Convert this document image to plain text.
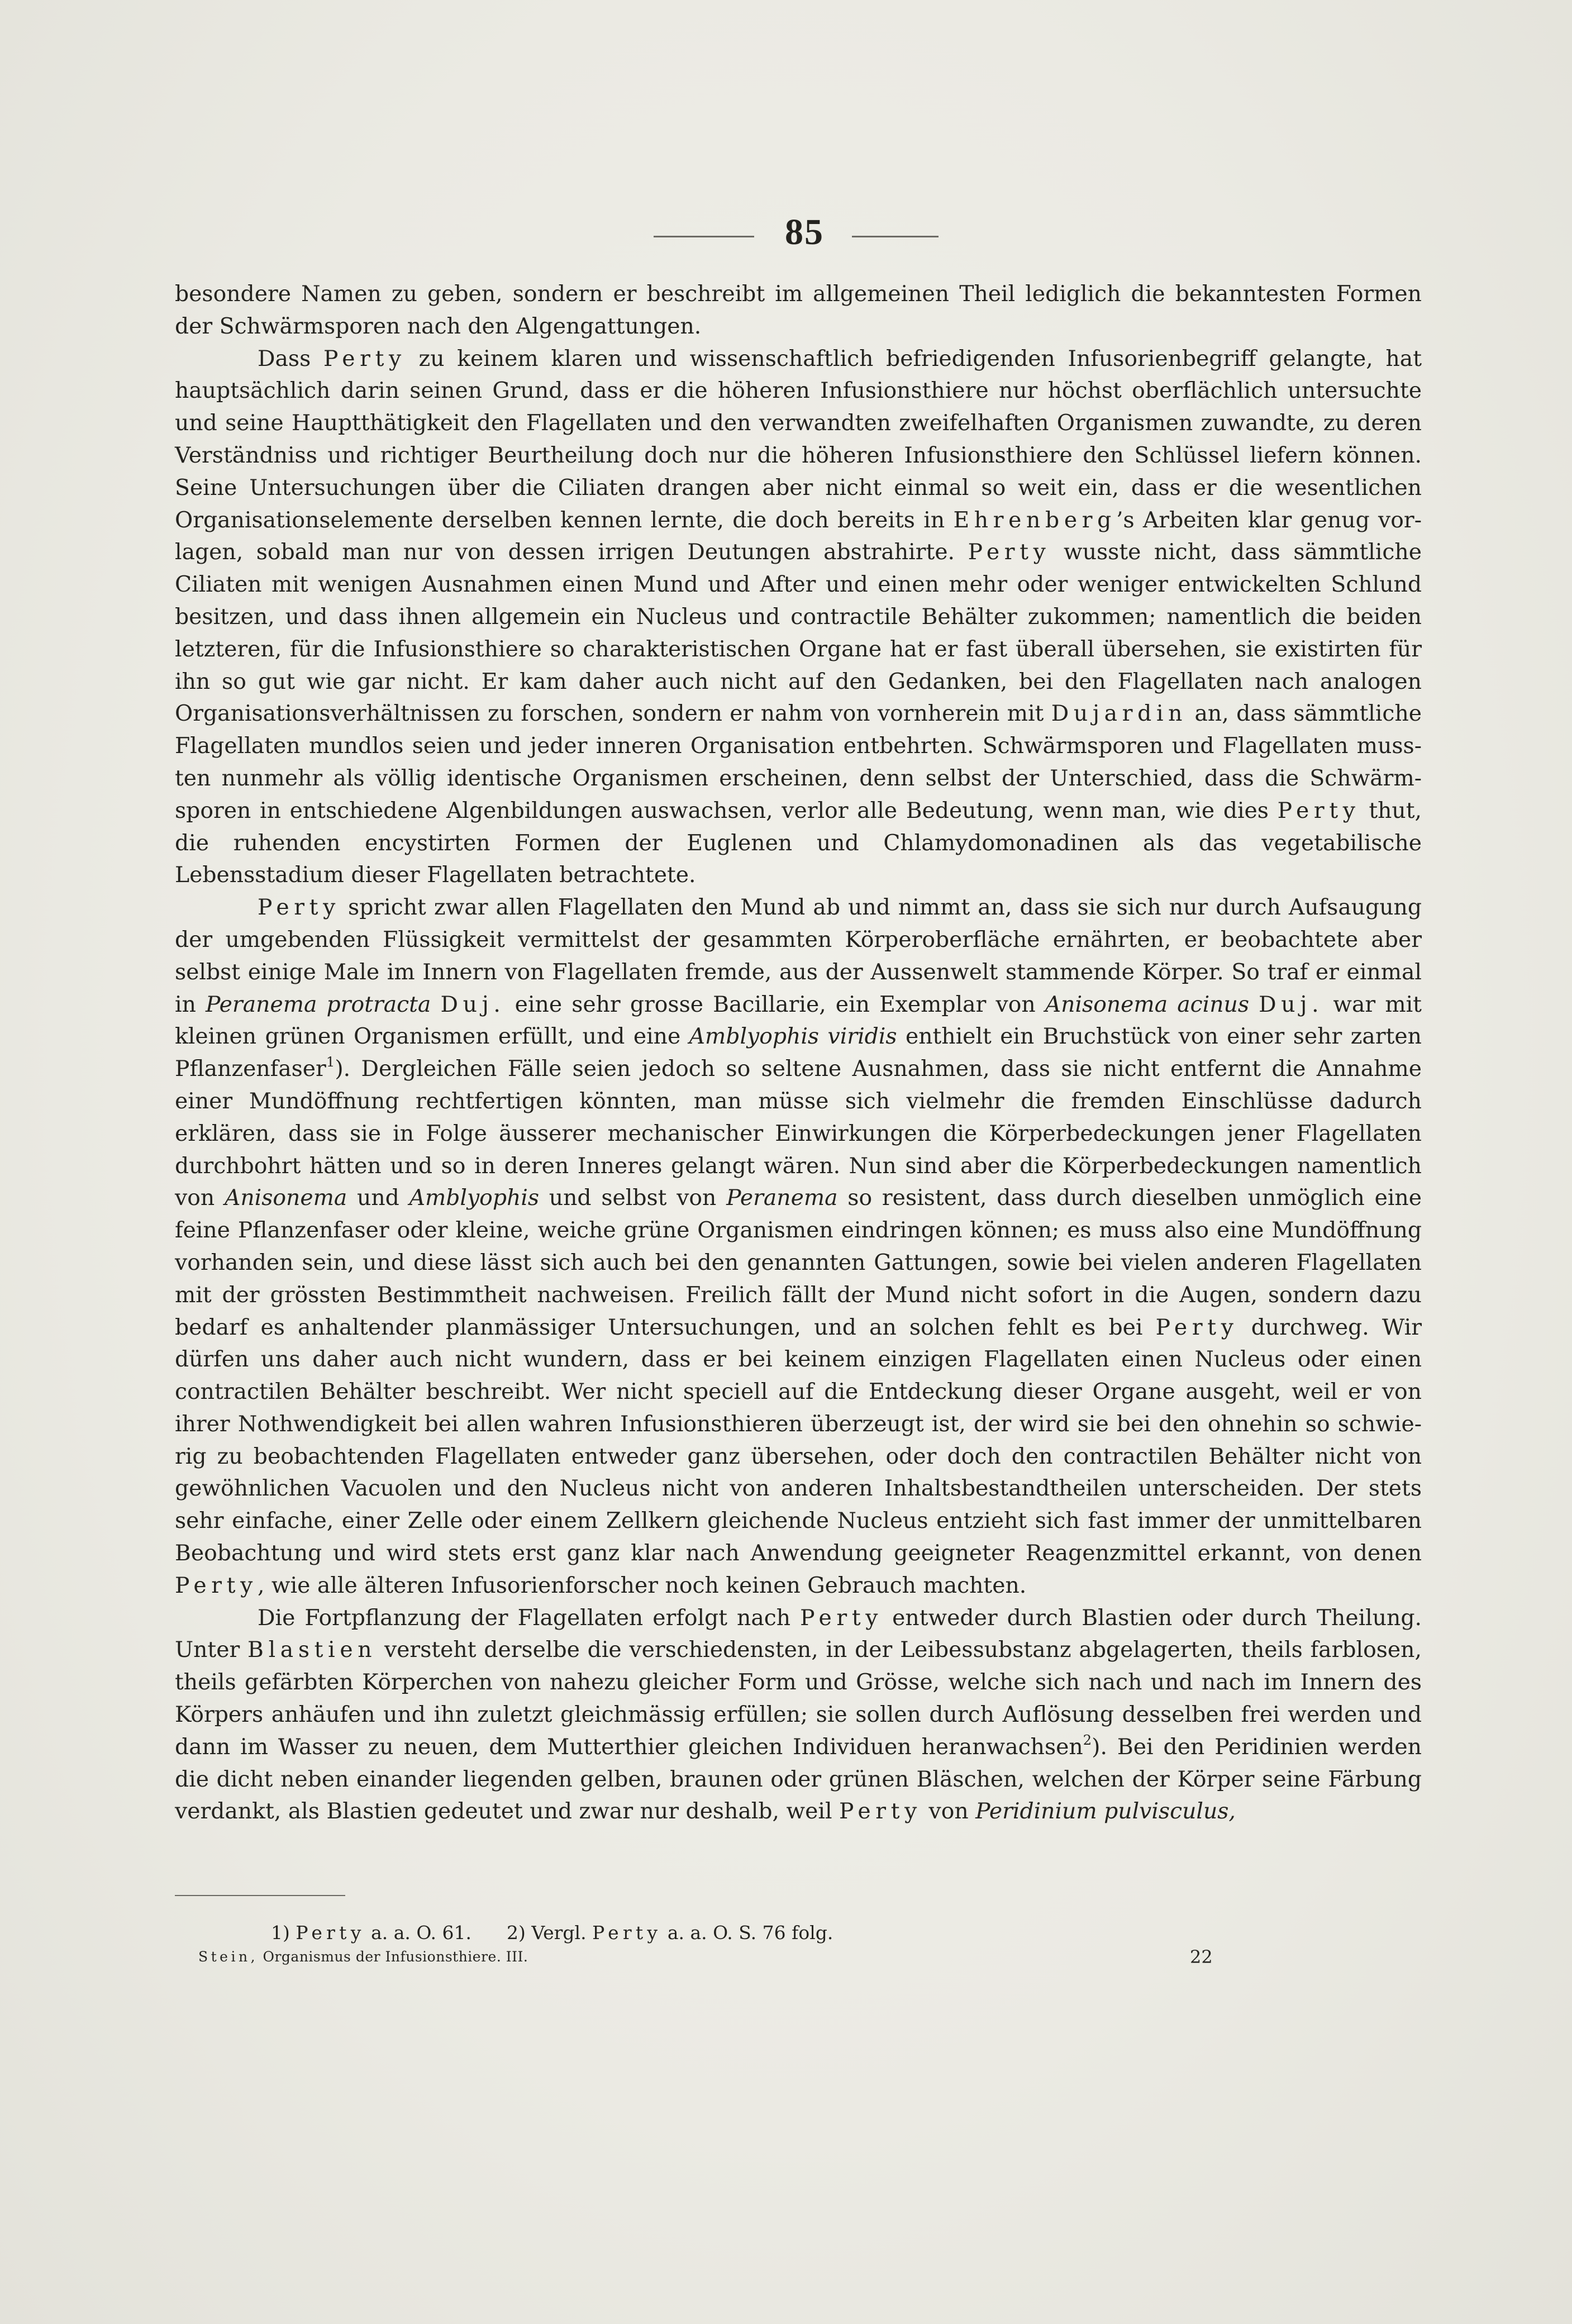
85

besondere Namen zu geben, sondern er beschreibt im allgemeinen Theil lediglich die bekanntesten Formen der Schwärmsporen nach den Algengattungen.

Dass Perty zu keinem klaren und wissenschaftlich befriedigenden Infusorienbegriff gelangte, hat hauptsächlich darin seinen Grund, dass er die höheren Infusionsthiere nur höchst oberflächlich untersuchte und seine Hauptthätigkeit den Flagellaten und den verwandten zweifelhaften Organismen zuwandte, zu deren Verständniss und richtiger Beurtheilung doch nur die höheren Infusionsthiere den Schlüssel liefern können. Seine Untersuchungen über die Ciliaten drangen aber nicht einmal so weit ein, dass er die wesentlichen Organisationselemente derselben kennen lernte, die doch bereits in Ehrenberg’s Arbeiten klar genug vorlagen, sobald man nur von dessen irrigen Deutungen abstrahirte. Perty wusste nicht, dass sämmtliche Ciliaten mit wenigen Ausnahmen einen Mund und After und einen mehr oder weniger entwickelten Schlund besitzen, und dass ihnen allgemein ein Nucleus und contractile Behälter zukommen; namentlich die beiden letzteren, für die Infusionsthiere so charakteristischen Organe hat er fast überall übersehen, sie existirten für ihn so gut wie gar nicht. Er kam daher auch nicht auf den Gedanken, bei den Flagellaten nach analogen Organisationsverhältnissen zu forschen, sondern er nahm von vornherein mit Dujardin an, dass sämmtliche Flagellaten mundlos seien und jeder inneren Organisation entbehrten. Schwärmsporen und Flagellaten mussten nunmehr als völlig identische Organismen erscheinen, denn selbst der Unterschied, dass die Schwärmsporen in entschiedene Algenbildungen auswachsen, verlor alle Bedeutung, wenn man, wie dies Perty thut, die ruhenden encystirten Formen der Euglenen und Chlamydomonadinen als das vegetabilische Lebensstadium dieser Flagellaten betrachtete.

Perty spricht zwar allen Flagellaten den Mund ab und nimmt an, dass sie sich nur durch Aufsaugung der umgebenden Flüssigkeit vermittelst der gesammten Körperoberfläche ernährten, er beobachtete aber selbst einige Male im Innern von Flagellaten fremde, aus der Aussenwelt stammende Körper. So traf er einmal in Peranema protracta Duj. eine sehr grosse Bacillarie, ein Exemplar von Anisonema acinus Duj. war mit kleinen grünen Organismen erfüllt, und eine Amblyophis viridis enthielt ein Bruchstück von einer sehr zarten Pflanzenfaser$^1$). Dergleichen Fälle seien jedoch so seltene Ausnahmen, dass sie nicht entfernt die Annahme einer Mundöffnung rechtfertigen könnten, man müsse sich vielmehr die fremden Einschlüsse dadurch erklären, dass sie in Folge äusserer mechanischer Einwirkungen die Körperbedeckungen jener Flagellaten durchbohrt hätten und so in deren Inneres gelangt wären. Nun sind aber die Körperbedeckungen namentlich von Anisonema und Amblyophis und selbst von Peranema so resistent, dass durch dieselben unmöglich eine feine Pflanzenfaser oder kleine, weiche grüne Organismen eindringen können; es muss also eine Mundöffnung vorhanden sein, und diese lässt sich auch bei den genannten Gattungen, sowie bei vielen anderen Flagellaten mit der grössten Bestimmtheit nachweisen. Freilich fällt der Mund nicht sofort in die Augen, sondern dazu bedarf es anhaltender planmässiger Untersuchungen, und an solchen fehlt es bei Perty durchweg. Wir dürfen uns daher auch nicht wundern, dass er bei keinem einzigen Flagellaten einen Nucleus oder einen contractilen Behälter beschreibt. Wer nicht speciell auf die Entdeckung dieser Organe ausgeht, weil er von ihrer Nothwendigkeit bei allen wahren Infusionsthieren überzeugt ist, der wird sie bei den ohnehin so schwierig zu beobachtenden Flagellaten entweder ganz übersehen, oder doch den contractilen Behälter nicht von gewöhnlichen Vacuolen und den Nucleus nicht von anderen Inhaltsbestandtheilen unterscheiden. Der stets sehr einfache, einer Zelle oder einem Zellkern gleichende Nucleus entzieht sich fast immer der unmittelbaren Beobachtung und wird stets erst ganz klar nach Anwendung geeigneter Reagenzmittel erkannt, von denen Perty, wie alle älteren Infusorienforscher noch keinen Gebrauch machten.

Die Fortpflanzung der Flagellaten erfolgt nach Perty entweder durch Blastien oder durch Theilung. Unter Blastien versteht derselbe die verschiedensten, in der Leibessubstanz abgelagerten, theils farblosen, theils gefärbten Körperchen von nahezu gleicher Form und Grösse, welche sich nach und nach im Innern des Körpers anhäufen und ihn zuletzt gleichmässig erfüllen; sie sollen durch Auflösung desselben frei werden und dann im Wasser zu neuen, dem Mutterthier gleichen Individuen heranwachsen$^2$). Bei den Peridinien werden die dicht neben einander liegenden gelben, braunen oder grünen Bläschen, welchen der Körper seine Färbung verdankt, als Blastien gedeutet und zwar nur deshalb, weil Perty von Peridinium pulvisculus,

1) Perty a. a. O. 61. 2) Vergl. Perty a. a. O. S. 76 folg.
Stein, Organismus der Infusionsthiere. III.	22
